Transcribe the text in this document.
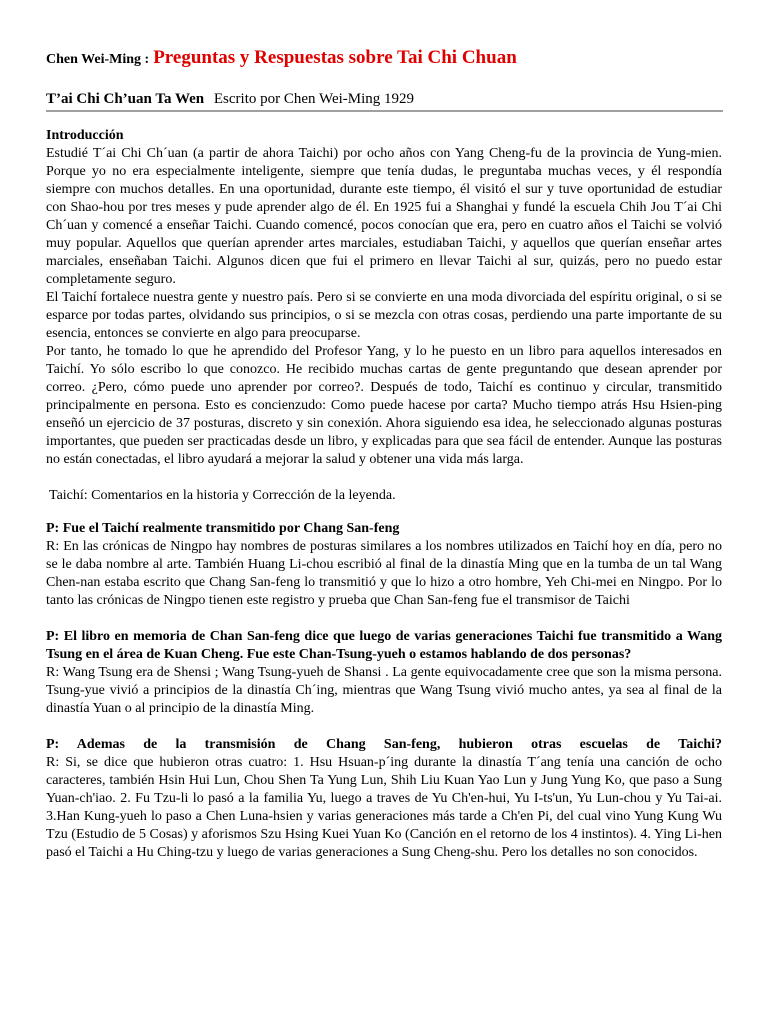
Chen Wei-Ming : Preguntas y Respuestas sobre Tai Chi Chuan

T’ai Chi Ch’uan Ta Wen Escrito por Chen Wei-Ming 1929

Introducción

Estudié T´ai Chi Ch´uan (a partir de ahora Taichi) por ocho años con Yang Cheng-fu de la provincia de Yung-mien. Porque yo no era especialmente inteligente, siempre que tenía dudas, le preguntaba muchas veces, y él respondía siempre con muchos detalles. En una oportunidad, durante este tiempo, él visitó el sur y tuve oportunidad de estudiar con Shao-hou por tres meses y pude aprender algo de él. En 1925 fui a Shanghai y fundé la escuela Chih Jou T´ai Chi Ch´uan y comencé a enseñar Taichi. Cuando comencé, pocos conocían que era, pero en cuatro años el Taichi se volvió muy popular. Aquellos que querían aprender artes marciales, estudiaban Taichi, y aquellos que querían enseñar artes marciales, enseñaban Taichi. Algunos dicen que fui el primero en llevar Taichi al sur, quizás, pero no puedo estar completamente seguro.

El Taichí fortalece nuestra gente y nuestro país. Pero si se convierte en una moda divorciada del espíritu original, o si se esparce por todas partes, olvidando sus principios, o si se mezcla con otras cosas, perdiendo una parte importante de su esencia, entonces se convierte en algo para preocuparse.

Por tanto, he tomado lo que he aprendido del Profesor Yang, y lo he puesto en un libro para aquellos interesados en Taichí. Yo sólo escribo lo que conozco. He recibido muchas cartas de gente preguntando que desean aprender por correo. ¿Pero, cómo puede uno aprender por correo?. Después de todo, Taichí es continuo y circular, transmitido principalmente en persona. Esto es concienzudo: Como puede hacese por carta? Mucho tiempo atrás Hsu Hsien-ping enseñó un ejercicio de 37 posturas, discreto y sin conexión. Ahora siguiendo esa idea, he seleccionado algunas posturas importantes, que pueden ser practicadas desde un libro, y explicadas para que sea fácil de entender. Aunque las posturas no están conectadas, el libro ayudará a mejorar la salud y obtener una vida más larga.

Taichí: Comentarios en la historia y Corrección de la leyenda.

P: Fue el Taichí realmente transmitido por Chang San-feng

R: En las crónicas de Ningpo hay nombres de posturas similares a los nombres utilizados en Taichí hoy en día, pero no se le daba nombre al arte. También Huang Li-chou escribió al final de la dinastía Ming que en la tumba de un tal Wang Chen-nan estaba escrito que Chang San-feng lo transmitió y que lo hizo a otro hombre, Yeh Chi-mei en Ningpo. Por lo tanto las crónicas de Ningpo tienen este registro y prueba que Chan San-feng fue el transmisor de Taichi

P: El libro en memoria de Chan San-feng dice que luego de varias generaciones Taichi fue transmitido a Wang Tsung en el área de Kuan Cheng. Fue este Chan-Tsung-yueh o estamos hablando de dos personas?

R: Wang Tsung era de Shensi ; Wang Tsung-yueh de Shansi . La gente equivocadamente cree que son la misma persona. Tsung-yue vivió a principios de la dinastía Ch´ing, mientras que Wang Tsung vivió mucho antes, ya sea al final de la dinastía Yuan o al principio de la dinastía Ming.

P: Ademas de la transmisión de Chang San-feng, hubieron otras escuelas de Taichi?

R: Si, se dice que hubieron otras cuatro: 1. Hsu Hsuan-p´ing durante la dinastía T´ang tenía una canción de ocho caracteres, también Hsin Hui Lun, Chou Shen Ta Yung Lun, Shih Liu Kuan Yao Lun y Jung Yung Ko, que paso a Sung Yuan-ch'iao. 2. Fu Tzu-li lo pasó a la familia Yu, luego a traves de Yu Ch'en-hui, Yu I-ts'un, Yu Lun-chou y Yu Tai-ai. 3.Han Kung-yueh lo paso a Chen Luna-hsien y varias generaciones más tarde a Ch'en Pi, del cual vino Yung Kung Wu Tzu (Estudio de 5 Cosas) y aforismos Szu Hsing Kuei Yuan Ko (Canción en el retorno de los 4 instintos). 4. Ying Li-hen pasó el Taichi a Hu Ching-tzu y luego de varias generaciones a Sung Cheng-shu. Pero los detalles no son conocidos.
